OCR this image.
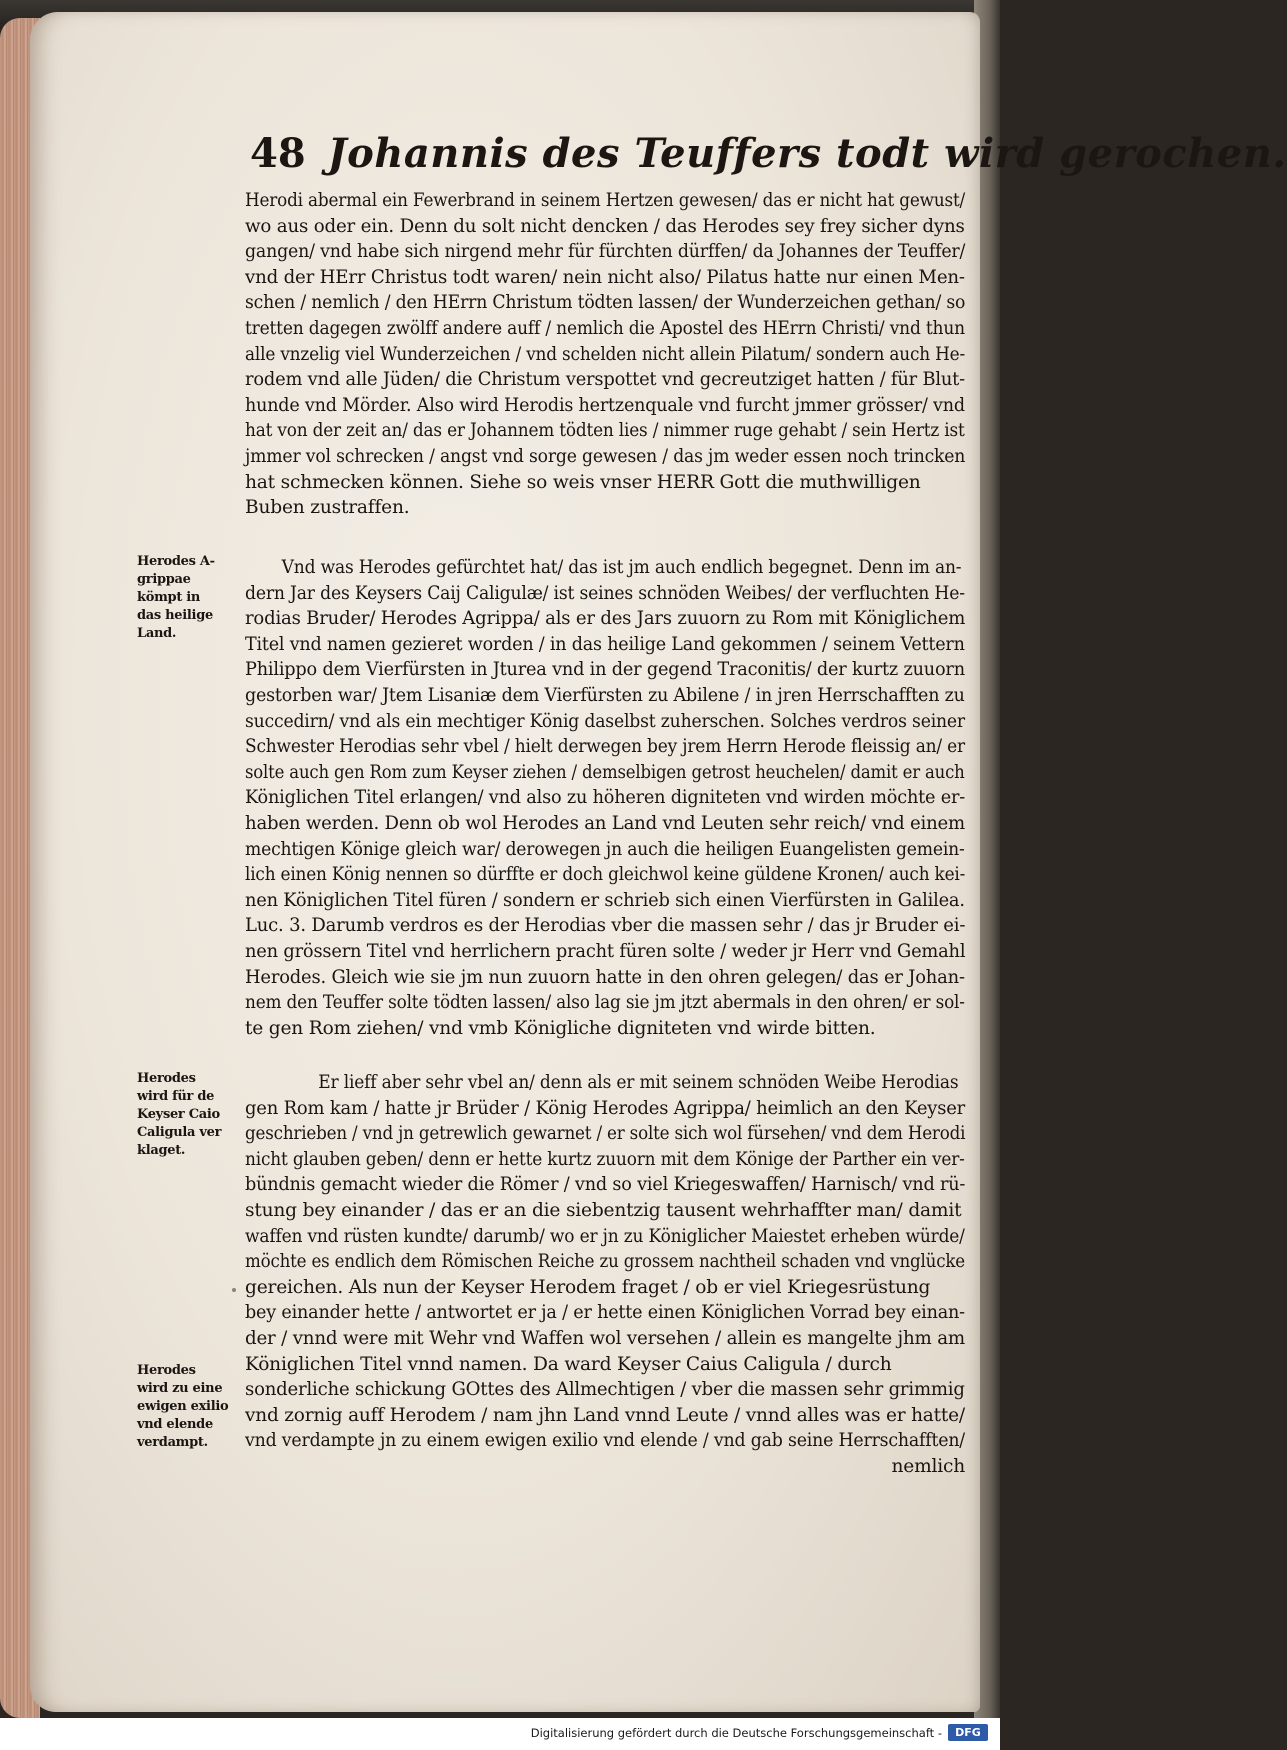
48 Johannis des Teuffers todt wird gerochen.
Herodi abermal ein Fewerbrand in seinem Hertzen gewesen/ das er nicht hat gewust/
wo aus oder ein. Denn du solt nicht dencken / das Herodes sey frey sicher dyns
gangen/ vnd habe sich nirgend mehr für fürchten dürffen/ da Johannes der Teuffer/
vnd der HErr Christus todt waren/ nein nicht also/ Pilatus hatte nur einen Men-
schen / nemlich / den HErrn Christum tödten lassen/ der Wunderzeichen gethan/ so
tretten dagegen zwölff andere auff / nemlich die Apostel des HErrn Christi/ vnd thun
alle vnzelig viel Wunderzeichen / vnd schelden nicht allein Pilatum/ sondern auch He-
rodem vnd alle Jüden/ die Christum verspottet vnd gecreutziget hatten / für Blut-
hunde vnd Mörder. Also wird Herodis hertzenquale vnd furcht jmmer grösser/ vnd
hat von der zeit an/ das er Johannem tödten lies / nimmer ruge gehabt / sein Hertz ist
jmmer vol schrecken / angst vnd sorge gewesen / das jm weder essen noch trincken
hat schmecken können. Siehe so weis vnser HERR Gott die muthwilligen
Buben zustraffen.
Herodes A-
grippae
kömpt in
das heilige
Land.
Vnd was Herodes gefürchtet hat/ das ist jm auch endlich begegnet. Denn im an-
dern Jar des Keysers Caij Caligulæ/ ist seines schnöden Weibes/ der verfluchten He-
rodias Bruder/ Herodes Agrippa/ als er des Jars zuuorn zu Rom mit Königlichem
Titel vnd namen gezieret worden / in das heilige Land gekommen / seinem Vettern
Philippo dem Vierfürsten in Jturea vnd in der gegend Traconitis/ der kurtz zuuorn
gestorben war/ Jtem Lisaniæ dem Vierfürsten zu Abilene / in jren Herrschafften zu
succedirn/ vnd als ein mechtiger König daselbst zuherschen. Solches verdros seiner
Schwester Herodias sehr vbel / hielt derwegen bey jrem Herrn Herode fleissig an/ er
solte auch gen Rom zum Keyser ziehen / demselbigen getrost heuchelen/ damit er auch
Königlichen Titel erlangen/ vnd also zu höheren digniteten vnd wirden möchte er-
haben werden. Denn ob wol Herodes an Land vnd Leuten sehr reich/ vnd einem
mechtigen Könige gleich war/ derowegen jn auch die heiligen Euangelisten gemein-
lich einen König nennen so dürffte er doch gleichwol keine güldene Kronen/ auch kei-
nen Königlichen Titel füren / sondern er schrieb sich einen Vierfürsten in Galilea.
Luc. 3. Darumb verdros es der Herodias vber die massen sehr / das jr Bruder ei-
nen grössern Titel vnd herrlichern pracht füren solte / weder jr Herr vnd Gemahl
Herodes. Gleich wie sie jm nun zuuorn hatte in den ohren gelegen/ das er Johan-
nem den Teuffer solte tödten lassen/ also lag sie jm jtzt abermals in den ohren/ er sol-
te gen Rom ziehen/ vnd vmb Königliche digniteten vnd wirde bitten.
Herodes
wird für de
Keyser Caio
Caligula ver
klaget.
Er lieff aber sehr vbel an/ denn als er mit seinem schnöden Weibe Herodias
gen Rom kam / hatte jr Brüder / König Herodes Agrippa/ heimlich an den Keyser
geschrieben / vnd jn getrewlich gewarnet / er solte sich wol fürsehen/ vnd dem Herodi
nicht glauben geben/ denn er hette kurtz zuuorn mit dem Könige der Parther ein ver-
bündnis gemacht wieder die Römer / vnd so viel Kriegeswaffen/ Harnisch/ vnd rü-
stung bey einander / das er an die siebentzig tausent wehrhaffter man/ damit
waffen vnd rüsten kundte/ darumb/ wo er jn zu Königlicher Maiestet erheben würde/
möchte es endlich dem Römischen Reiche zu grossem nachtheil schaden vnd vnglücke
gereichen. Als nun der Keyser Herodem fraget / ob er viel Kriegesrüstung
bey einander hette / antwortet er ja / er hette einen Königlichen Vorrad bey einan-
der / vnnd were mit Wehr vnd Waffen wol versehen / allein es mangelte jhm am
Königlichen Titel vnnd namen. Da ward Keyser Caius Caligula / durch
sonderliche schickung GOttes des Allmechtigen / vber die massen sehr grimmig
vnd zornig auff Herodem / nam jhn Land vnnd Leute / vnnd alles was er hatte/
vnd verdampte jn zu einem ewigen exilio vnd elende / vnd gab seine Herrschafften/
nemlich
Herodes
wird zu eine
ewigen exilio
vnd elende
verdampt.
Digitalisierung gefördert durch die Deutsche Forschungsgemeinschaft -	DFG
